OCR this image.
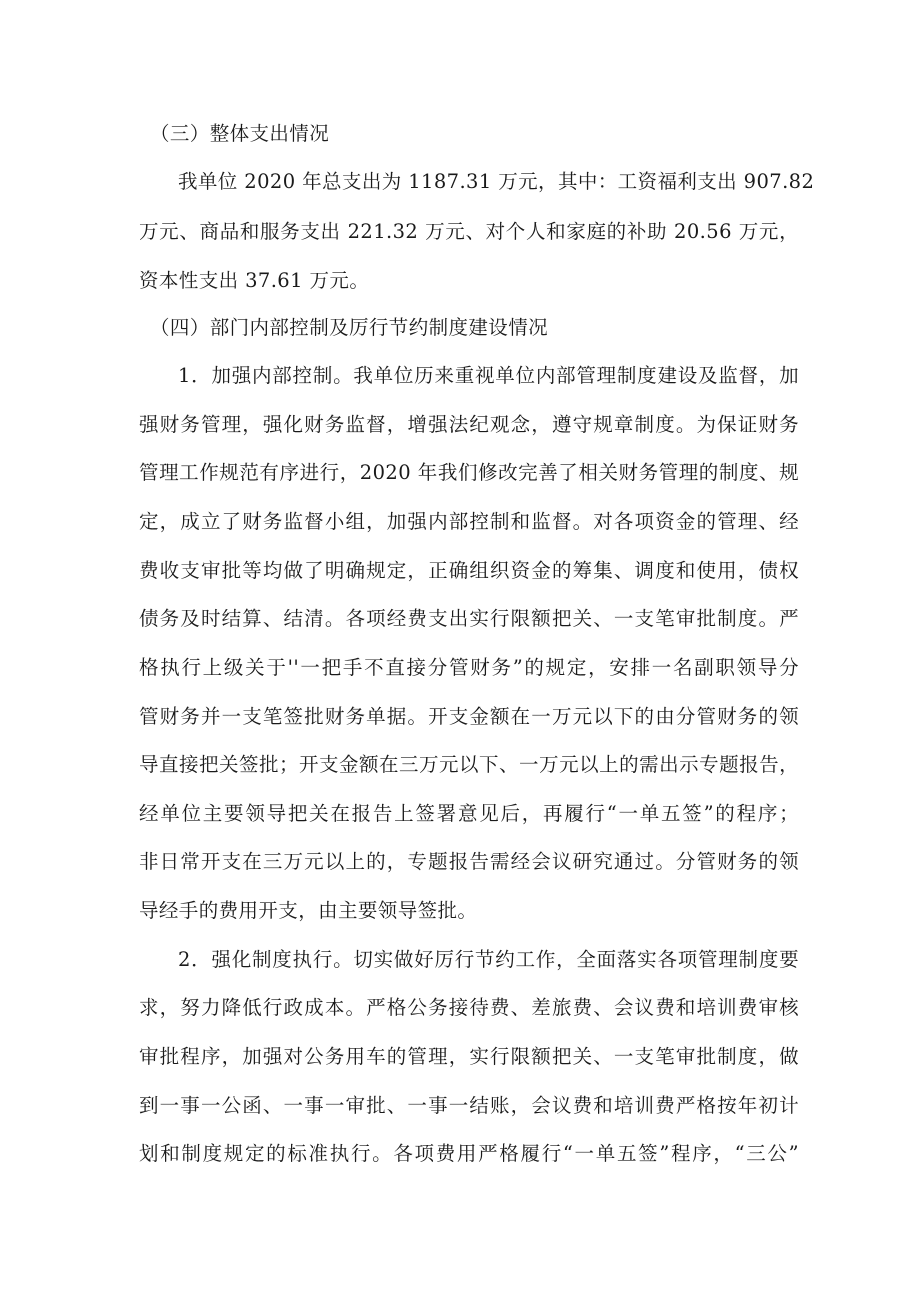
（三）整体支出情况
我单位 2020 年总支出为 1187.31 万元，其中：工资福利支出 907.82
万元、商品和服务支出 221.32 万元、对个人和家庭的补助 20.56 万元，
资本性支出 37.61 万元。
（四）部门内部控制及厉行节约制度建设情况
1．加强内部控制。我单位历来重视单位内部管理制度建设及监督，加
强财务管理，强化财务监督，增强法纪观念，遵守规章制度。为保证财务
管理工作规范有序进行，2020 年我们修改完善了相关财务管理的制度、规
定，成立了财务监督小组，加强内部控制和监督。对各项资金的管理、经
费收支审批等均做了明确规定，正确组织资金的筹集、调度和使用，债权
债务及时结算、结清。各项经费支出实行限额把关、一支笔审批制度。严
格执行上级关于''一把手不直接分管财务”的规定，安排一名副职领导分
管财务并一支笔签批财务单据。开支金额在一万元以下的由分管财务的领
导直接把关签批；开支金额在三万元以下、一万元以上的需出示专题报告，
经单位主要领导把关在报告上签署意见后，再履行“一单五签”的程序；
非日常开支在三万元以上的，专题报告需经会议研究通过。分管财务的领
导经手的费用开支，由主要领导签批。
2．强化制度执行。切实做好厉行节约工作，全面落实各项管理制度要
求，努力降低行政成本。严格公务接待费、差旅费、会议费和培训费审核
审批程序，加强对公务用车的管理，实行限额把关、一支笔审批制度，做
到一事一公函、一事一审批、一事一结账，会议费和培训费严格按年初计
划和制度规定的标准执行。各项费用严格履行“一单五签”程序，“三公”
